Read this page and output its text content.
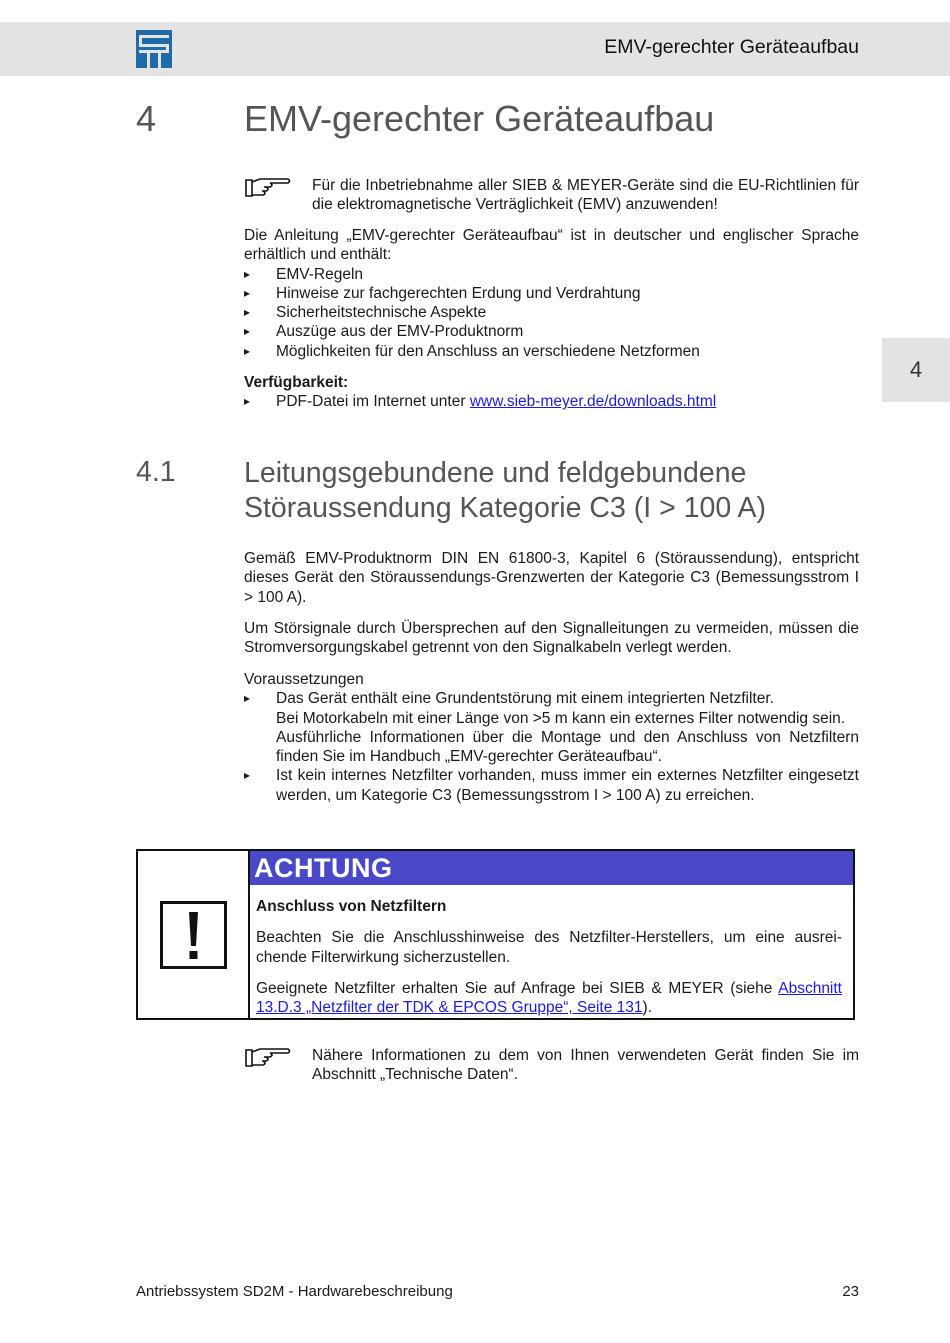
EMV-gerechter Geräteaufbau
4
4 EMV-gerechter Geräteaufbau
Für die Inbetriebnahme aller SIEB & MEYER-Geräte sind die EU-Richtlinien für die elektromagnetische Verträglichkeit (EMV) anzuwenden!

Die Anleitung „EMV-gerechter Geräteaufbau“ ist in deutscher und englischer Sprache erhältlich und enthält:

▸ EMV-Regeln
▸ Hinweise zur fachgerechten Erdung und Verdrahtung
▸ Sicherheitstechnische Aspekte
▸ Auszüge aus der EMV-Produktnorm
▸ Möglichkeiten für den Anschluss an verschiedene Netzformen

Verfügbarkeit:

▸ PDF-Datei im Internet unter www.sieb-meyer.de/downloads.html
4.1 Leitungsgebundene und feldgebundene Störaussendung Kategorie C3 (I > 100 A)
Gemäß EMV-Produktnorm DIN EN 61800-3, Kapitel 6 (Störaussendung), entspricht dieses Gerät den Störaussendungs-Grenzwerten der Kategorie C3 (Bemessungsstrom I > 100 A).
Um Störsignale durch Übersprechen auf den Signalleitungen zu vermeiden, müssen die Stromversorgungskabel getrennt von den Signalkabeln verlegt werden.

Voraussetzungen

▸ Das Gerät enthält eine Grundentstörung mit einem integrierten Netzfilter.
Bei Motorkabeln mit einer Länge von >5 m kann ein externes Filter notwendig sein.
Ausführliche Informationen über die Montage und den Anschluss von Netzfiltern finden Sie im Handbuch „EMV-gerechter Geräteaufbau“.
▸ Ist kein internes Netzfilter vorhanden, muss immer ein externes Netzfilter eingesetzt werden, um Kategorie C3 (Bemessungsstrom I > 100 A) zu erreichen.
ACHTUNG

Anschluss von Netzfiltern

Beachten Sie die Anschlusshinweise des Netzfilter-Herstellers, um eine ausreichende Filterwirkung sicherzustellen.

Geeignete Netzfilter erhalten Sie auf Anfrage bei SIEB & MEYER (siehe Abschnitt 13.D.3 „Netzfilter der TDK & EPCOS Gruppe“, Seite 131).

Nähere Informationen zu dem von Ihnen verwendeten Gerät finden Sie im Abschnitt „Technische Daten“.
Antriebssystem SD2M - Hardwarebeschreibung	23
